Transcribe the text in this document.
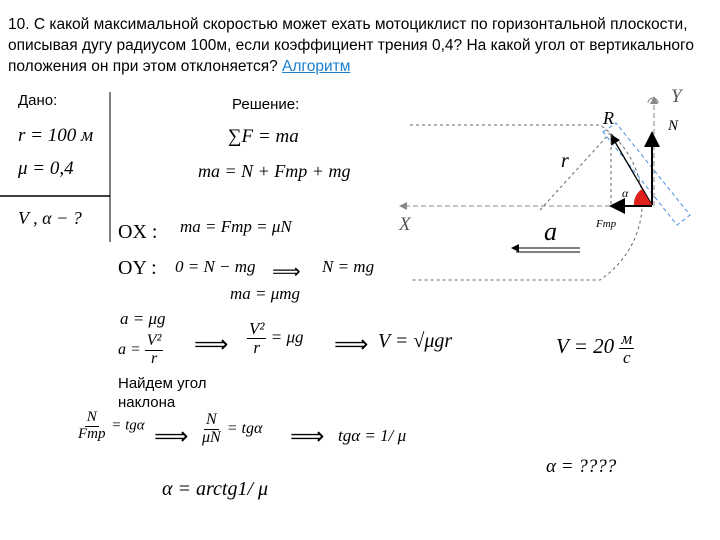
10. С какой максимальной скоростью может ехать мотоциклист по горизонтальной плоскости, описывая дугу радиусом 100м, если коэффициент трения 0,4? На какой угол от вертикального положения он при этом отклоняется? Алгоритм
Дано:
r = 100 м
μ = 0,4
V , α − ?
Решение:
∑F = ma
ma = N + Fтр + mg
OX : ma = Fтр = μN
OY : 0 = N − mg ⟹ N = mg
ma = μmg
a = μg
$a = \frac{\text{V²}}{r}$ ⟹ $\frac{\text{V²}}{r} = \mu g$ ⟹ V = √μgr	$V = 20 \frac{м}{с}$
Найдем угол наклона
$\frac{N}{\text{Fтр}} = tg\alpha$ ⟹ $\frac{N}{\mu N} = tg\alpha$ ⟹ tgα = 1/ μ
α = arctg1/ μ
α = ????
Y
X
R	N
r
a	Fтр
α
